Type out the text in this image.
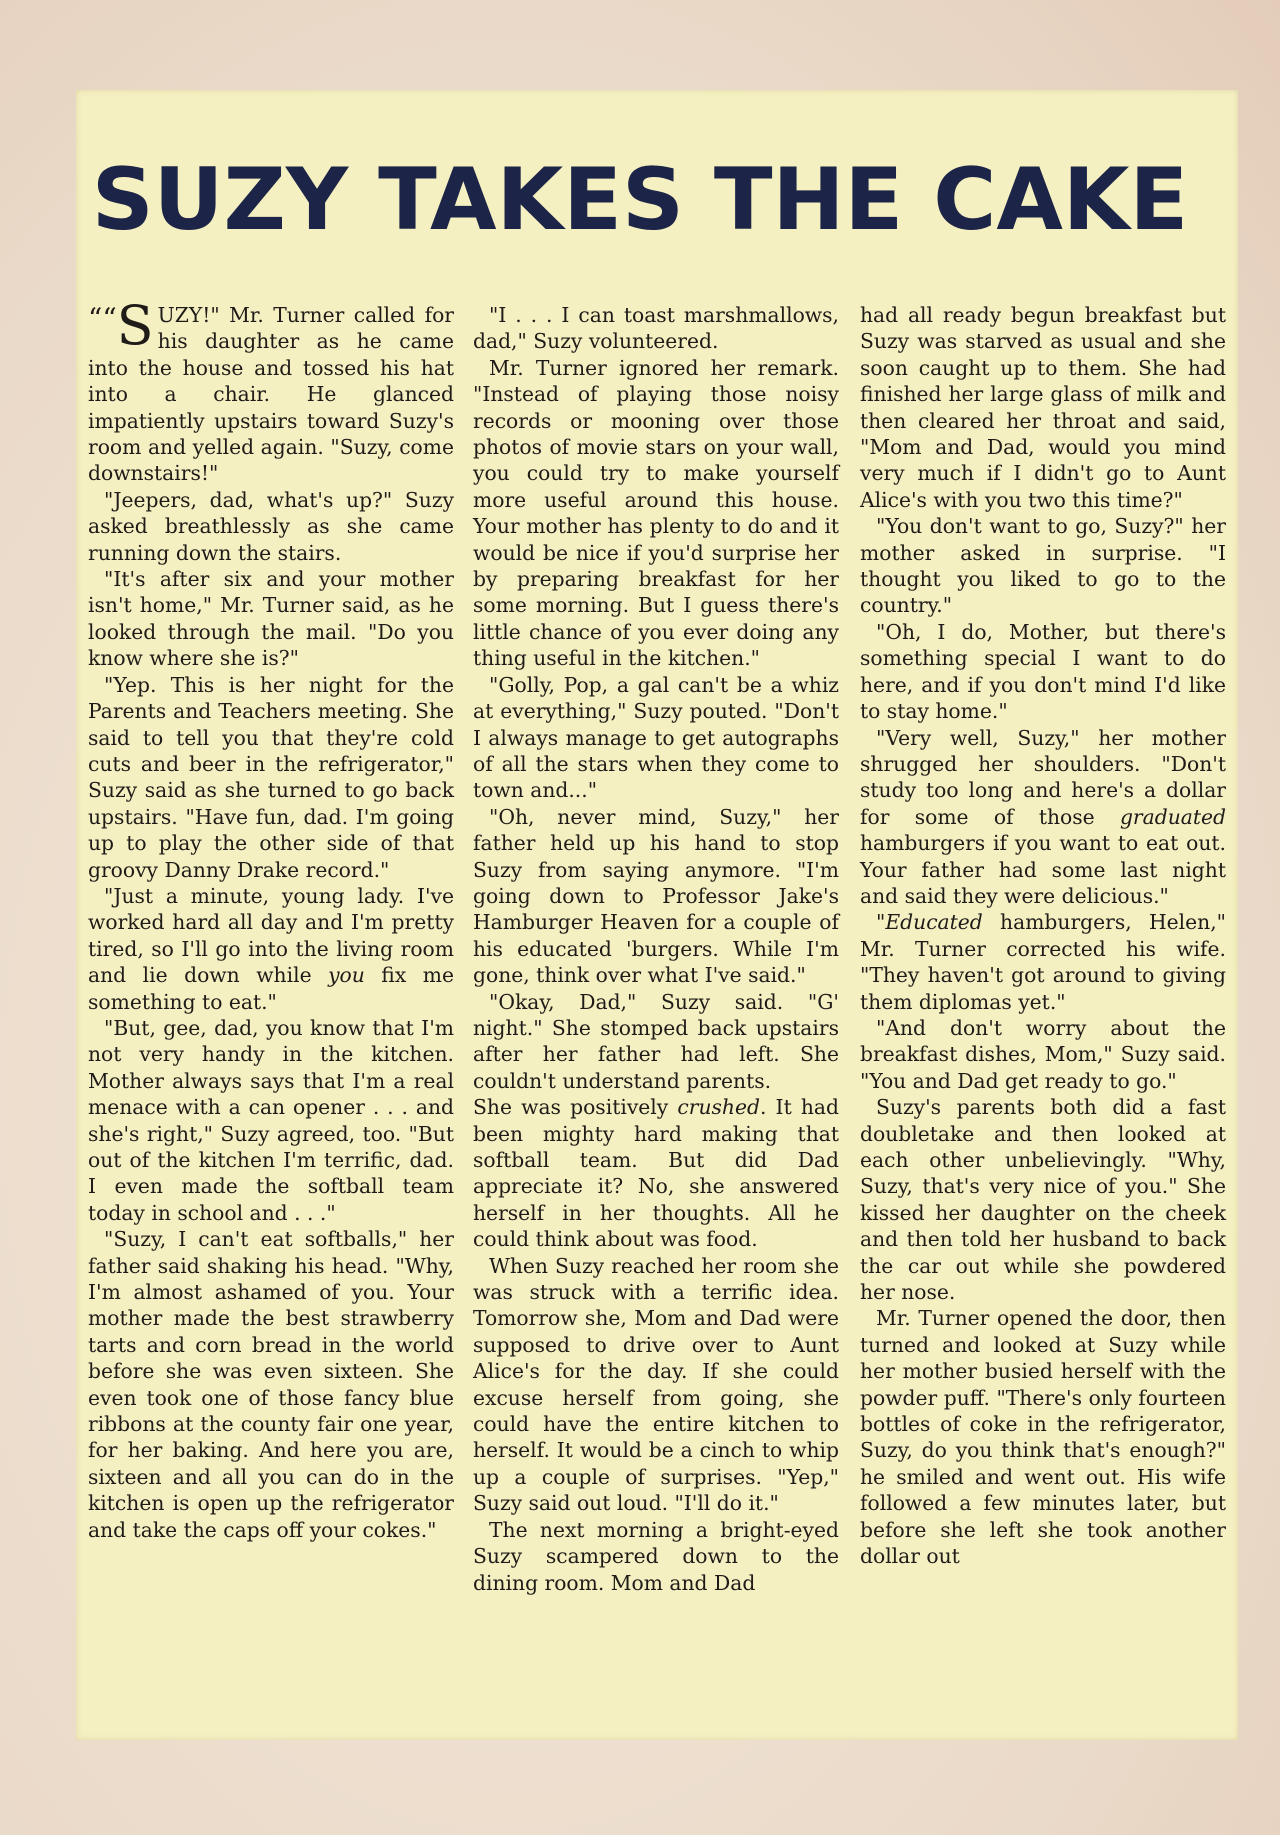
SUZY TAKES THE CAKE

““S UZY!" Mr. Turner called for his daughter as he came into the house and tossed his hat into a chair. He glanced impatiently upstairs toward Suzy's room and yelled again. "Suzy, come downstairs!"

"Jeepers, dad, what's up?" Suzy asked breathlessly as she came running down the stairs.

"It's after six and your mother isn't home," Mr. Turner said, as he looked through the mail. "Do you know where she is?"

"Yep. This is her night for the Parents and Teachers meeting. She said to tell you that they're cold cuts and beer in the refrigerator," Suzy said as she turned to go back upstairs. "Have fun, dad. I'm going up to play the other side of that groovy Danny Drake record."

"Just a minute, young lady. I've worked hard all day and I'm pretty tired, so I'll go into the living room and lie down while you fix me something to eat."

"But, gee, dad, you know that I'm not very handy in the kitchen. Mother always says that I'm a real menace with a can opener . . . and she's right," Suzy agreed, too. "But out of the kitchen I'm terrific, dad. I even made the softball team today in school and . . ."

"Suzy, I can't eat softballs," her father said shaking his head. "Why, I'm almost ashamed of you. Your mother made the best strawberry tarts and corn bread in the world before she was even sixteen. She even took one of those fancy blue ribbons at the county fair one year, for her baking. And here you are, sixteen and all you can do in the kitchen is open up the refrigerator and take the caps off your cokes."

"I . . . I can toast marshmallows, dad," Suzy volunteered.

Mr. Turner ignored her remark. "Instead of playing those noisy records or mooning over those photos of movie stars on your wall, you could try to make yourself more useful around this house. Your mother has plenty to do and it would be nice if you'd surprise her by preparing breakfast for her some morning. But I guess there's little chance of you ever doing any thing useful in the kitchen."

"Golly, Pop, a gal can't be a whiz at everything," Suzy pouted. "Don't I always manage to get autographs of all the stars when they come to town and..."

"Oh, never mind, Suzy," her father held up his hand to stop Suzy from saying anymore. "I'm going down to Professor Jake's Hamburger Heaven for a couple of his educated 'burgers. While I'm gone, think over what I've said."

"Okay, Dad," Suzy said. "G' night." She stomped back upstairs after her father had left. She couldn't understand parents.

She was positively crushed. It had been mighty hard making that softball team. But did Dad appreciate it? No, she answered herself in her thoughts. All he could think about was food.

When Suzy reached her room she was struck with a terrific idea. Tomorrow she, Mom and Dad were supposed to drive over to Aunt Alice's for the day. If she could excuse herself from going, she could have the entire kitchen to herself. It would be a cinch to whip up a couple of surprises. "Yep," Suzy said out loud. "I'll do it."

The next morning a bright-eyed Suzy scampered down to the dining room. Mom and Dad

had all ready begun breakfast but Suzy was starved as usual and she soon caught up to them. She had finished her large glass of milk and then cleared her throat and said, "Mom and Dad, would you mind very much if I didn't go to Aunt Alice's with you two this time?"

"You don't want to go, Suzy?" her mother asked in surprise. "I thought you liked to go to the country."

"Oh, I do, Mother, but there's something special I want to do here, and if you don't mind I'd like to stay home."

"Very well, Suzy," her mother shrugged her shoulders. "Don't study too long and here's a dollar for some of those graduated hamburgers if you want to eat out. Your father had some last night and said they were delicious."

"Educated hamburgers, Helen," Mr. Turner corrected his wife. "They haven't got around to giving them diplomas yet."

"And don't worry about the breakfast dishes, Mom," Suzy said. "You and Dad get ready to go."

Suzy's parents both did a fast doubletake and then looked at each other unbelievingly. "Why, Suzy, that's very nice of you." She kissed her daughter on the cheek and then told her husband to back the car out while she powdered her nose.

Mr. Turner opened the door, then turned and looked at Suzy while her mother busied herself with the powder puff. "There's only fourteen bottles of coke in the refrigerator, Suzy, do you think that's enough?" he smiled and went out. His wife followed a few minutes later, but before she left she took another dollar out
